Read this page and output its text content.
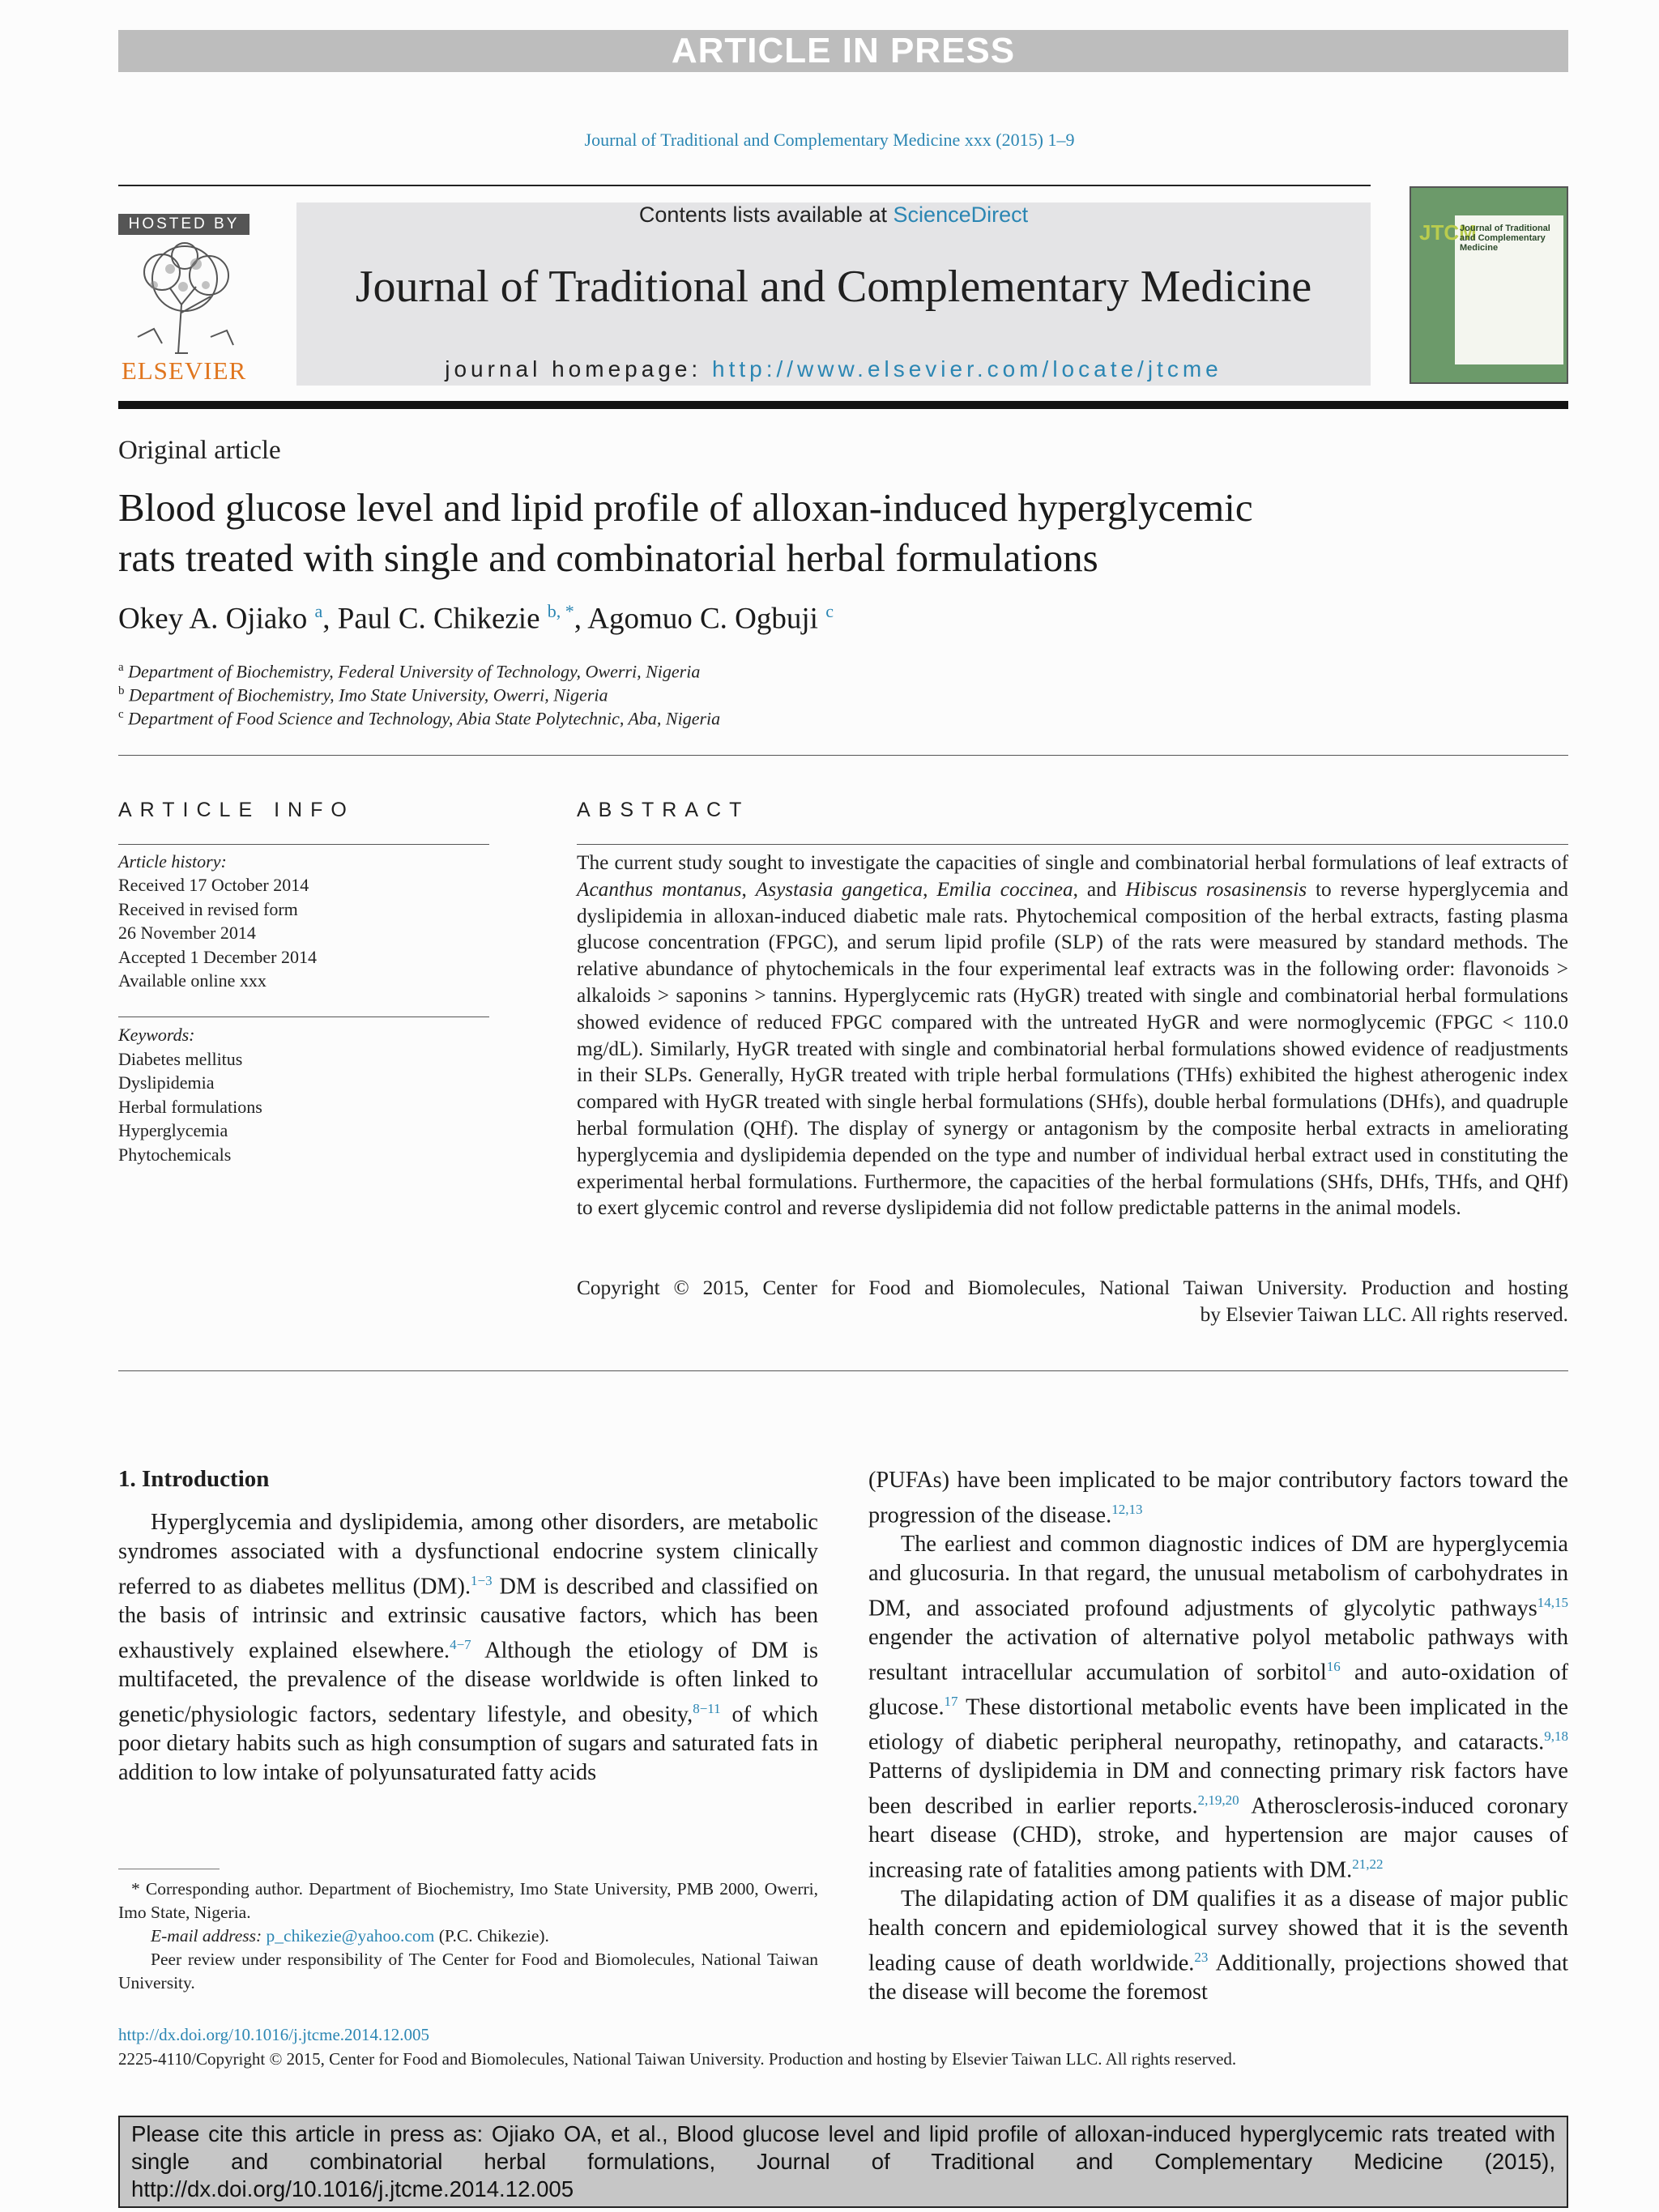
ARTICLE IN PRESS
Journal of Traditional and Complementary Medicine xxx (2015) 1–9
Contents lists available at ScienceDirect
Journal of Traditional and Complementary Medicine
journal homepage: http://www.elsevier.com/locate/jtcme
HOSTED BY
ELSEVIER
JTCM
Journal of Traditional and Complementary Medicine
Original article
Blood glucose level and lipid profile of alloxan-induced hyperglycemic
rats treated with single and combinatorial herbal formulations
Okey A. Ojiako $^a$, Paul C. Chikezie $^{b, *}$, Agomuo C. Ogbuji $^c$
$^a$ Department of Biochemistry, Federal University of Technology, Owerri, Nigeria
$^b$ Department of Biochemistry, Imo State University, Owerri, Nigeria
$^c$ Department of Food Science and Technology, Abia State Polytechnic, Aba, Nigeria
ARTICLE INFO
Article history:
Received 17 October 2014
Received in revised form
26 November 2014
Accepted 1 December 2014
Available online xxx
Keywords:
Diabetes mellitus
Dyslipidemia
Herbal formulations
Hyperglycemia
Phytochemicals
ABSTRACT

The current study sought to investigate the capacities of single and combinatorial herbal formulations of leaf extracts of Acanthus montanus, Asystasia gangetica, Emilia coccinea, and Hibiscus rosasinensis to reverse hyperglycemia and dyslipidemia in alloxan-induced diabetic male rats. Phytochemical composition of the herbal extracts, fasting plasma glucose concentration (FPGC), and serum lipid profile (SLP) of the rats were measured by standard methods. The relative abundance of phytochemicals in the four experimental leaf extracts was in the following order: flavonoids > alkaloids > saponins > tannins. Hyperglycemic rats (HyGR) treated with single and combinatorial herbal formulations showed evidence of reduced FPGC compared with the untreated HyGR and were normoglycemic (FPGC < 110.0 mg/dL). Similarly, HyGR treated with single and combinatorial herbal formulations showed evidence of readjustments in their SLPs. Generally, HyGR treated with triple herbal formulations (THfs) exhibited the highest atherogenic index compared with HyGR treated with single herbal formulations (SHfs), double herbal formulations (DHfs), and quadruple herbal formulation (QHf). The display of synergy or antagonism by the composite herbal extracts in ameliorating hyperglycemia and dyslipidemia depended on the type and number of individual herbal extract used in constituting the experimental herbal formulations. Furthermore, the capacities of the herbal formulations (SHfs, DHfs, THfs, and QHf) to exert glycemic control and reverse dyslipidemia did not follow predictable patterns in the animal models.

Copyright © 2015, Center for Food and Biomolecules, National Taiwan University. Production and hosting
by Elsevier Taiwan LLC. All rights reserved.
1. Introduction

Hyperglycemia and dyslipidemia, among other disorders, are metabolic syndromes associated with a dysfunctional endocrine system clinically referred to as diabetes mellitus (DM).$^{1-3}$ DM is described and classified on the basis of intrinsic and extrinsic causative factors, which has been exhaustively explained elsewhere.$^{4-7}$ Although the etiology of DM is multifaceted, the prevalence of the disease worldwide is often linked to genetic/physiologic factors, sedentary lifestyle, and obesity,$^{8-11}$ of which poor dietary habits such as high consumption of sugars and saturated fats in addition to low intake of polyunsaturated fatty acids

(PUFAs) have been implicated to be major contributory factors toward the progression of the disease.$^{12,13}$

The earliest and common diagnostic indices of DM are hyperglycemia and glucosuria. In that regard, the unusual metabolism of carbohydrates in DM, and associated profound adjustments of glycolytic pathways$^{14,15}$ engender the activation of alternative polyol metabolic pathways with resultant intracellular accumulation of sorbitol$^{16}$ and auto-oxidation of glucose.$^{17}$ These distortional metabolic events have been implicated in the etiology of diabetic peripheral neuropathy, retinopathy, and cataracts.$^{9,18}$ Patterns of dyslipidemia in DM and connecting primary risk factors have been described in earlier reports.$^{2,19,20}$ Atherosclerosis-induced coronary heart disease (CHD), stroke, and hypertension are major causes of increasing rate of fatalities among patients with DM.$^{21,22}$

The dilapidating action of DM qualifies it as a disease of major public health concern and epidemiological survey showed that it is the seventh leading cause of death worldwide.$^{23}$ Additionally, projections showed that the disease will become the foremost

* Corresponding author. Department of Biochemistry, Imo State University, PMB 2000, Owerri, Imo State, Nigeria.

E-mail address: p_chikezie@yahoo.com (P.C. Chikezie).

Peer review under responsibility of The Center for Food and Biomolecules, National Taiwan University.

http://dx.doi.org/10.1016/j.jtcme.2014.12.005
2225-4110/Copyright © 2015, Center for Food and Biomolecules, National Taiwan University. Production and hosting by Elsevier Taiwan LLC. All rights reserved.
Please cite this article in press as: Ojiako OA, et al., Blood glucose level and lipid profile of alloxan-induced hyperglycemic rats treated with single and combinatorial herbal formulations, Journal of Traditional and Complementary Medicine (2015), http://dx.doi.org/10.1016/j.jtcme.2014.12.005
